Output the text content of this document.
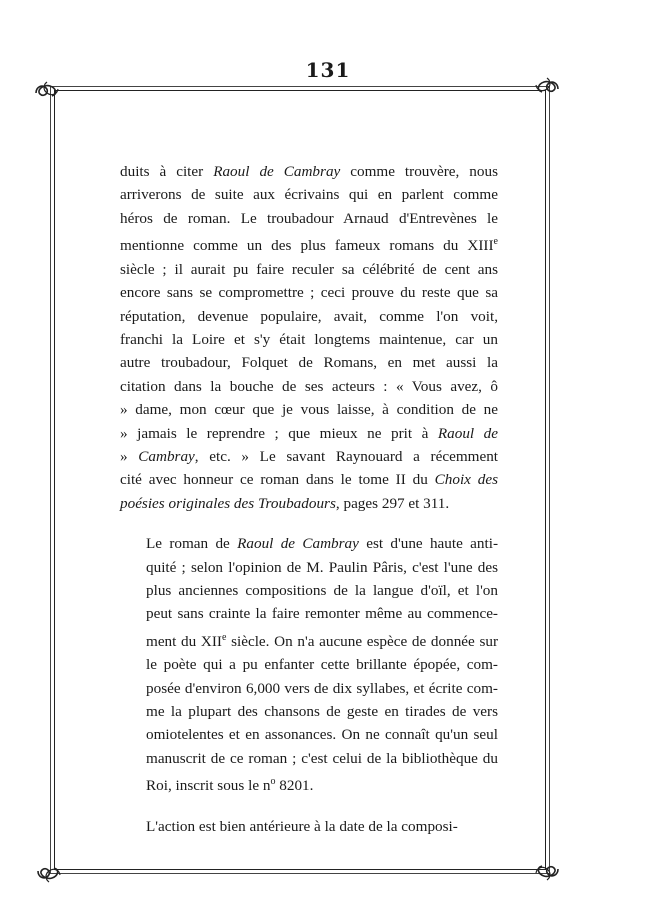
131

duits à citer Raoul de Cambray comme trouvère, nous
arriverons de suite aux écrivains qui en parlent comme
héros de roman. Le troubadour Arnaud d'Entrevènes le
mentionne comme un des plus fameux romans du XIIIe
siècle ; il aurait pu faire reculer sa célébrité de cent ans
encore sans se compromettre ; ceci prouve du reste que sa
réputation, devenue populaire, avait, comme l'on voit,
franchi la Loire et s'y était longtems maintenue, car un
autre troubadour, Folquet de Romans, en met aussi la
citation dans la bouche de ses acteurs : « Vous avez, ô
» dame, mon cœur que je vous laisse, à condition de ne
» jamais le reprendre ; que mieux ne prit à Raoul de
» Cambray, etc. » Le savant Raynouard a récemment
cité avec honneur ce roman dans le tome II du Choix des
poésies originales des Troubadours, pages 297 et 311.

Le roman de Raoul de Cambray est d'une haute anti-
quité ; selon l'opinion de M. Paulin Pâris, c'est l'une des
plus anciennes compositions de la langue d'oïl, et l'on
peut sans crainte la faire remonter même au commence-
ment du XIIe siècle. On n'a aucune espèce de donnée sur
le poète qui a pu enfanter cette brillante épopée, com-
posée d'environ 6,000 vers de dix syllabes, et écrite com-
me la plupart des chansons de geste en tirades de vers
omiotelentes et en assonances. On ne connaît qu'un seul
manuscrit de ce roman ; c'est celui de la bibliothèque du
Roi, inscrit sous le $n^o$ 8201.

L'action est bien antérieure à la date de la composi-
